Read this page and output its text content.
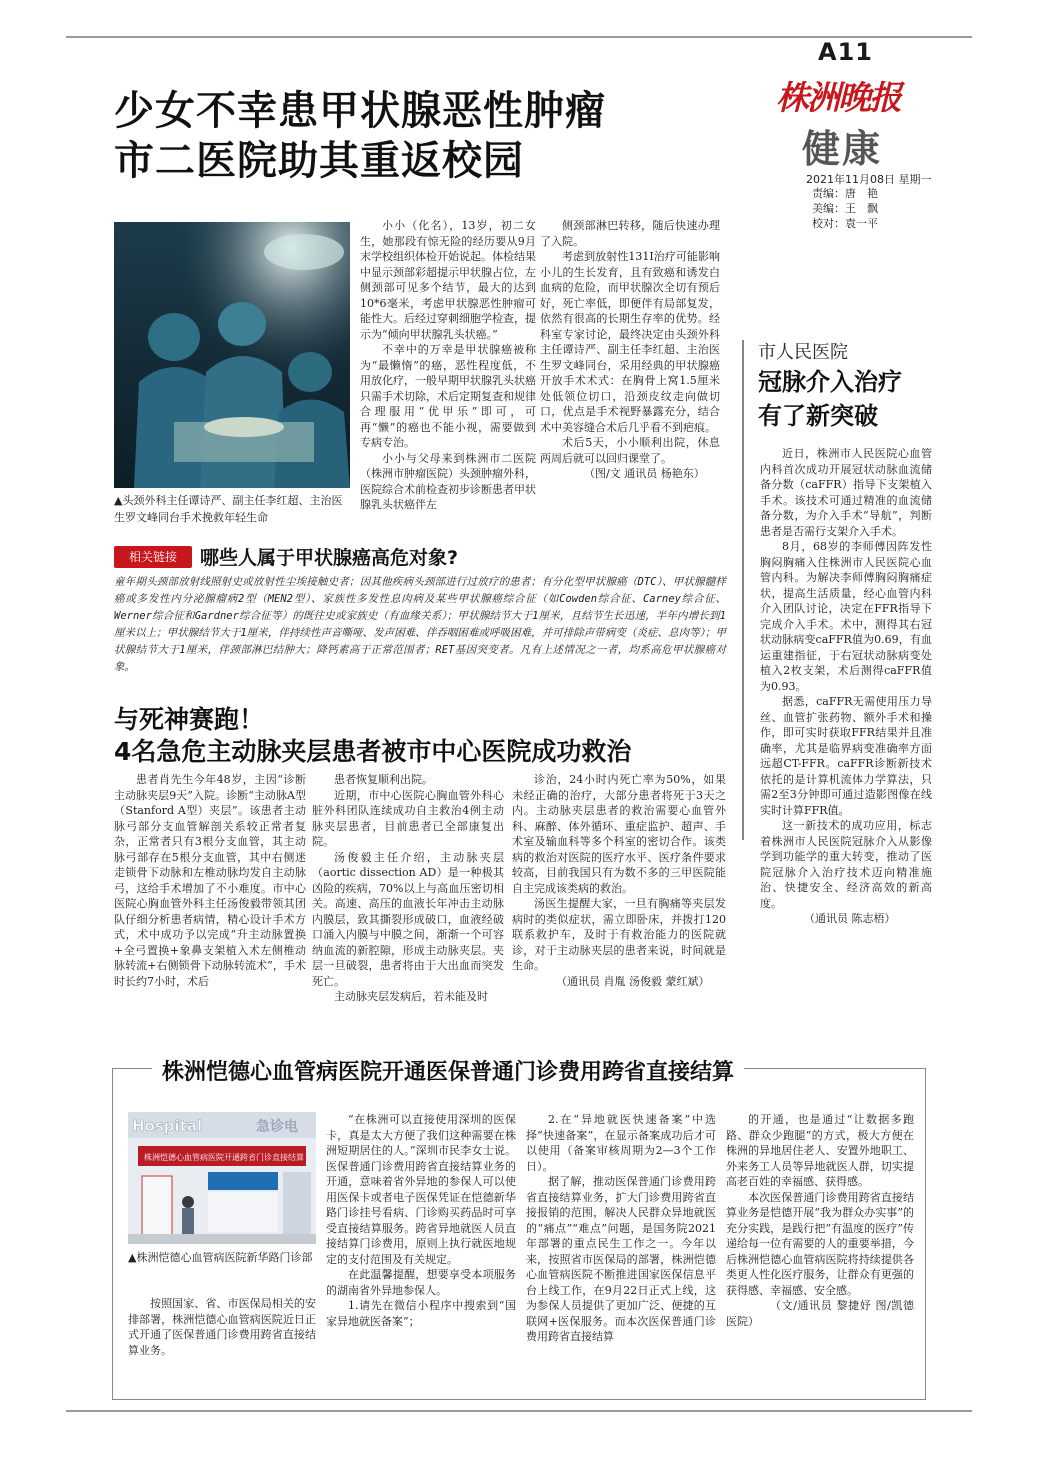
A11
株洲晚报
健康
2021年11月08日 星期一
责编：唐　艳
美编：王　飘
校对：袁一平
少女不幸患甲状腺恶性肿瘤
市二医院助其重返校园
▲头颈外科主任谭诗严、副主任李红超、主治医生罗文峰同台手术挽救年轻生命

小小（化名），13岁，初二女生，她那段有惊无险的经历要从9月末学校组织体检开始说起。体检结果中显示颈部彩超提示甲状腺占位，左侧颈部可见多个结节，最大的达到10*6毫米，考虑甲状腺恶性肿瘤可能性大。后经过穿刺细胞学检查，提示为“倾向甲状腺乳头状癌。”

不幸中的万幸是甲状腺癌被称为“最懒惰”的癌，恶性程度低，不用放化疗，一般早期甲状腺乳头状癌只需手术切除，术后定期复查和规律合理服用“优甲乐”即可，可再“懒”的癌也不能小视，需要做到专病专治。

小小与父母来到株洲市二医院（株洲市肿瘤医院）头颈肿瘤外科，医院综合术前检查初步诊断患者甲状腺乳头状癌伴左

侧颈部淋巴转移，随后快速办理了入院。

考虑到放射性131I治疗可能影响小儿的生长发育，且有致癌和诱发白血病的危险，而甲状腺次全切有预后好，死亡率低，即便伴有局部复发，依然有很高的长期生存率的优势。经科室专家讨论，最终决定由头颈外科主任谭诗严、副主任李红超、主治医生罗文峰同台，采用经典的甲状腺癌开放手术术式：在胸骨上窝1.5厘米处低领位切口，沿颈皮纹走向做切口，优点是手术视野暴露充分，结合术中美容缝合术后几乎看不到疤痕。

术后5天，小小顺利出院，休息两周后就可以回归课堂了。

（图/文 通讯员 杨艳东）

相关链接	哪些人属于甲状腺癌高危对象?
童年期头颈部放射线照射史或放射性尘埃接触史者；因其他疾病头颈部进行过放疗的患者；有分化型甲状腺癌（DTC）、甲状腺髓样癌或多发性内分泌腺瘤病2型（MEN2型）、家族性多发性息肉病及某些甲状腺癌综合征（如Cowden综合征、Carney综合征、Werner综合征和Gardner综合征等）的既往史或家族史（有血缘关系）；甲状腺结节大于1厘米，且结节生长迅速，半年内增长到1厘米以上；甲状腺结节大于1厘米，伴持续性声音嘶哑、发声困难、伴吞咽困难或呼吸困难，并可排除声带病变（炎症、息肉等）；甲状腺结节大于1厘米，伴颈部淋巴结肿大；降钙素高于正常范围者；RET基因突变者。凡有上述情况之一者，均系高危甲状腺癌对象。
与死神赛跑！
4名急危主动脉夹层患者被市中心医院成功救治

患者肖先生今年48岁，主因“诊断主动脉夹层9天”入院。诊断“主动脉A型（Stanford A型）夹层”。该患者主动脉弓部分支血管解剖关系较正常者复杂，正常者只有3根分支血管，其主动脉弓部存在5根分支血管，其中右侧迷走锁骨下动脉和左椎动脉均发自主动脉弓，这给手术增加了不小难度。市中心医院心胸血管外科主任汤俊毅带领其团队仔细分析患者病情，精心设计手术方式，术中成功予以完成“升主动脉置换+全弓置换+象鼻支架植入术左侧椎动脉转流+右侧锁骨下动脉转流术”，手术时长约7小时，术后

患者恢复顺利出院。

近期，市中心医院心胸血管外科心脏外科团队连续成功自主救治4例主动脉夹层患者，目前患者已全部康复出院。

汤俊毅主任介绍，主动脉夹层（aortic dissection AD）是一种极其凶险的疾病，70%以上与高血压密切相关。高速、高压的血液长年冲击主动脉内膜层，致其撕裂形成破口，血液经破口涌入内膜与中膜之间，渐渐一个可容纳血流的新腔隙，形成主动脉夹层。夹层一旦破裂，患者将由于大出血而突发死亡。

主动脉夹层发病后，若未能及时

诊治，24小时内死亡率为50%，如果未经正确的治疗，大部分患者将死于3天之内。主动脉夹层患者的救治需要心血管外科、麻醉、体外循环、重症监护、超声、手术室及输血科等多个科室的密切合作。该类病的救治对医院的医疗水平、医疗条件要求较高，目前我国只有为数不多的三甲医院能自主完成该类病的救治。

汤医生提醒大家，一旦有胸痛等夹层发病时的类似症状，需立即卧床，并拨打120联系救护车，及时于有救治能力的医院就诊，对于主动脉夹层的患者来说，时间就是生命。

（通讯员 肖胤 汤俊毅 蒙红斌）

市人民医院
冠脉介入治疗
有了新突破

近日，株洲市人民医院心血管内科首次成功开展冠状动脉血流储备分数（caFFR）指导下支架植入手术。该技术可通过精准的血流储备分数，为介入手术“导航”，判断患者是否需行支架介入手术。

8月，68岁的李师傅因阵发性胸闷胸痛入住株洲市人民医院心血管内科。为解决李师傅胸闷胸痛症状，提高生活质量，经心血管内科介入团队讨论，决定在FFR指导下完成介入手术。术中，测得其右冠状动脉病变caFFR值为0.69，有血运重建指征，于右冠状动脉病变处植入2枚支架，术后测得caFFR值为0.93。

据悉，caFFR无需使用压力导丝、血管扩张药物、额外手术和操作，即可实时获取FFR结果并且准确率，尤其是临界病变准确率方面远超CT-FFR。caFFR诊断新技术依托的是计算机流体力学算法，只需2至3分钟即可通过造影图像在线实时计算FFR值。

这一新技术的成功应用，标志着株洲市人民医院冠脉介入从影像学到功能学的重大转变，推动了医院冠脉介入治疗技术迈向精准施治、快捷安全、经济高效的新高度。

（通讯员 陈志梧）

株洲恺德心血管病医院开通医保普通门诊费用跨省直接结算
Hospital	急诊电
株洲恺德心血管病医院开通跨省门诊直接结算
▲株洲恺德心血管病医院新华路门诊部

按照国家、省、市医保局相关的安排部署，株洲恺德心血管病医院近日正式开通了医保普通门诊费用跨省直接结算业务。

“在株洲可以直接使用深圳的医保卡，真是太大方便了我们这种需要在株洲短期居住的人。”深圳市民李女士说。医保普通门诊费用跨省直接结算业务的开通，意味着省外异地的参保人可以使用医保卡或者电子医保凭证在恺德新华路门诊挂号看病、门诊购买药品时可享受直接结算服务。跨省异地就医人员直接结算门诊费用，原则上执行就医地规定的支付范围及有关规定。

在此温馨提醒，想要享受本项服务的湖南省外异地参保人。

1.请先在微信小程序中搜索到“国家异地就医备案”；

2.在“异地就医快速备案”中选择“快速备案”，在显示备案成功后才可以使用（备案审核周期为2—3个工作日）。

据了解，推动医保普通门诊费用跨省直接结算业务，扩大门诊费用跨省直接报销的范围，解决人民群众异地就医的“痛点”“难点”问题，是国务院2021年部署的重点民生工作之一。今年以来，按照省市医保局的部署，株洲恺德心血管病医院不断推进国家医保信息平台上线工作，在9月22日正式上线，这为参保人员提供了更加广泛、便捷的互联网+医保服务。而本次医保普通门诊费用跨省直接结算

的开通，也是通过“让数据多跑路、群众少跑腿”的方式，极大方便在株洲的异地居住老人、安置外地职工、外来务工人员等异地就医人群，切实提高老百姓的幸福感、获得感。

本次医保普通门诊费用跨省直接结算业务是恺德开展“我为群众办实事”的充分实践，是践行把“有温度的医疗”传递给每一位有需要的人的重要举措，今后株洲恺德心血管病医院将持续提供各类更人性化医疗服务，让群众有更强的获得感、幸福感、安全感。

（文/通讯员 黎捷妤 图/凯德医院）
